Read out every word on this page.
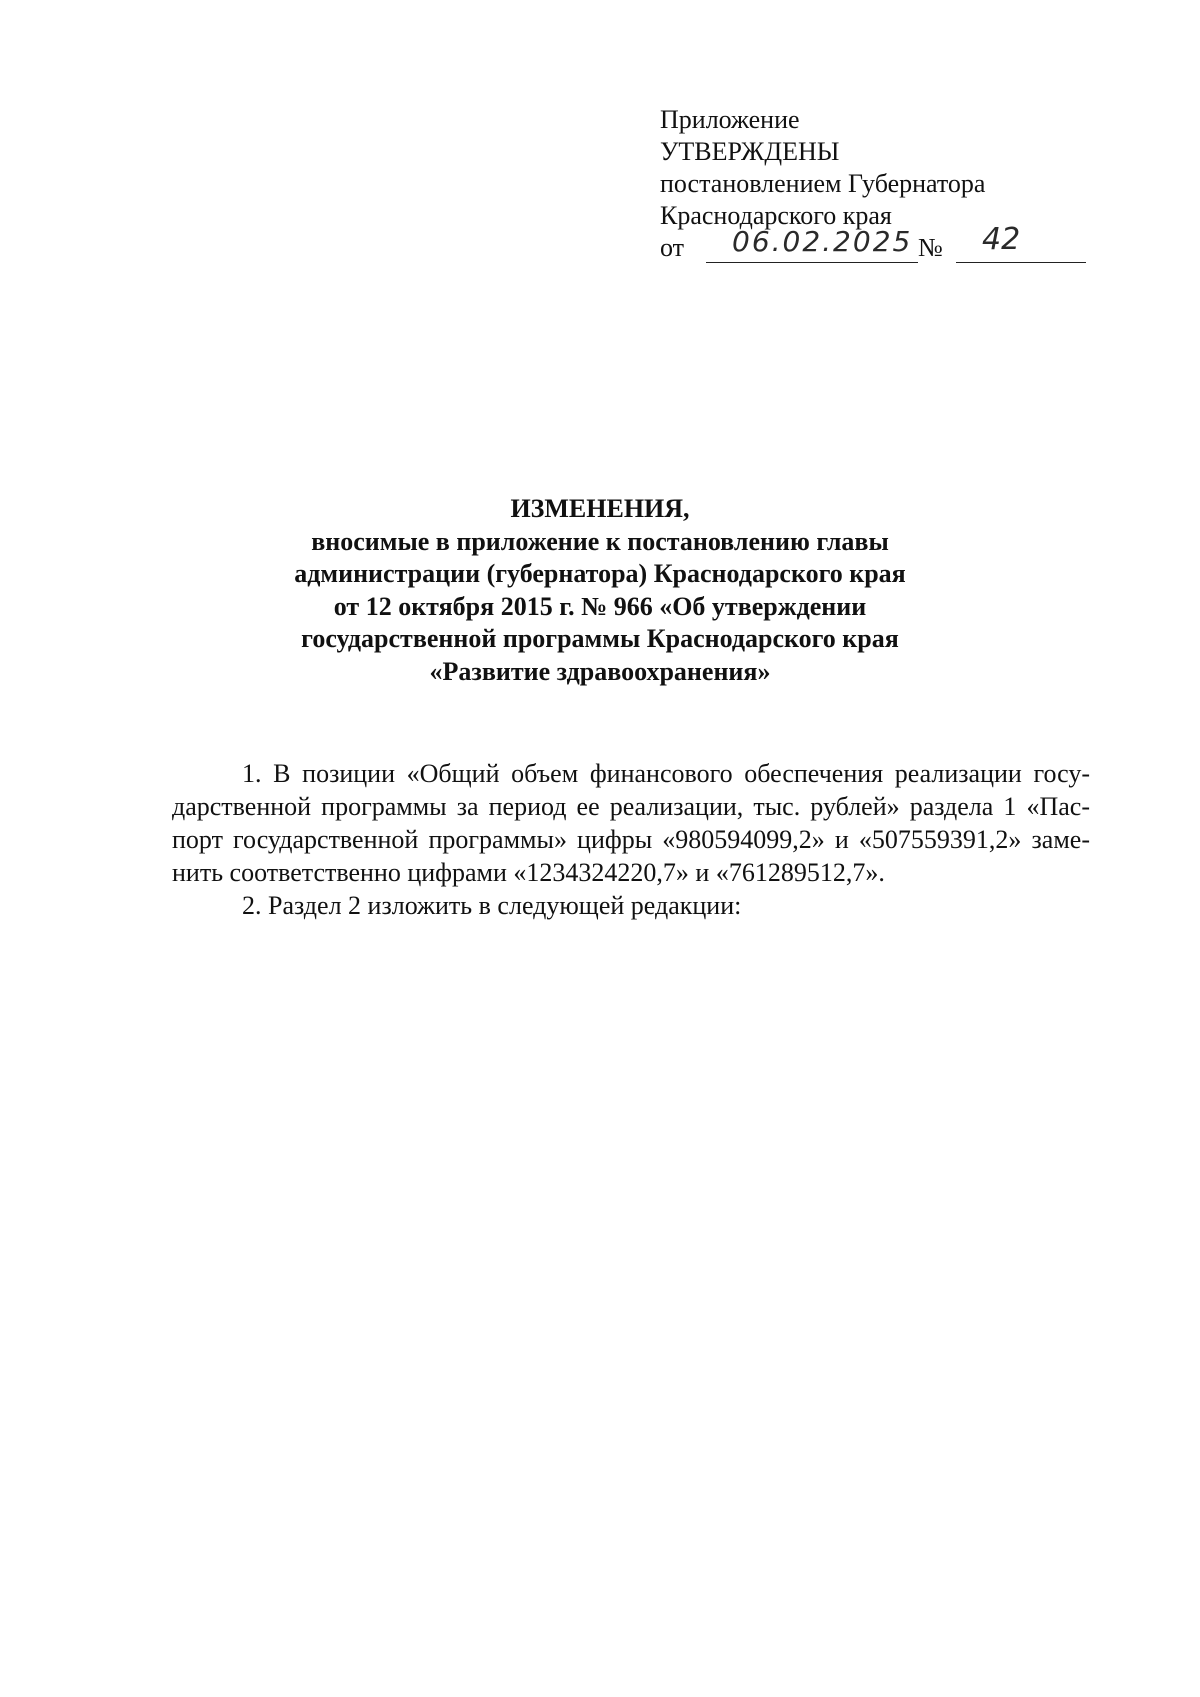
Приложение

УТВЕРЖДЕНЫ

постановлением Губернатора

Краснодарского края

от 06.02.2025 № 42
ИЗМЕНЕНИЯ,
вносимые в приложение к постановлению главы
администрации (губернатора) Краснодарского края
от 12 октября 2015 г. № 966 «Об утверждении
государственной программы Краснодарского края
«Развитие здравоохранения»
1. В позиции «Общий объем финансового обеспечения реализации госу-
дарственной программы за период ее реализации, тыс. рублей» раздела 1 «Пас-
порт государственной программы» цифры «980594099,2» и «507559391,2» заме-
нить соответственно цифрами «1234324220,7» и «761289512,7».

2. Раздел 2 изложить в следующей редакции:
